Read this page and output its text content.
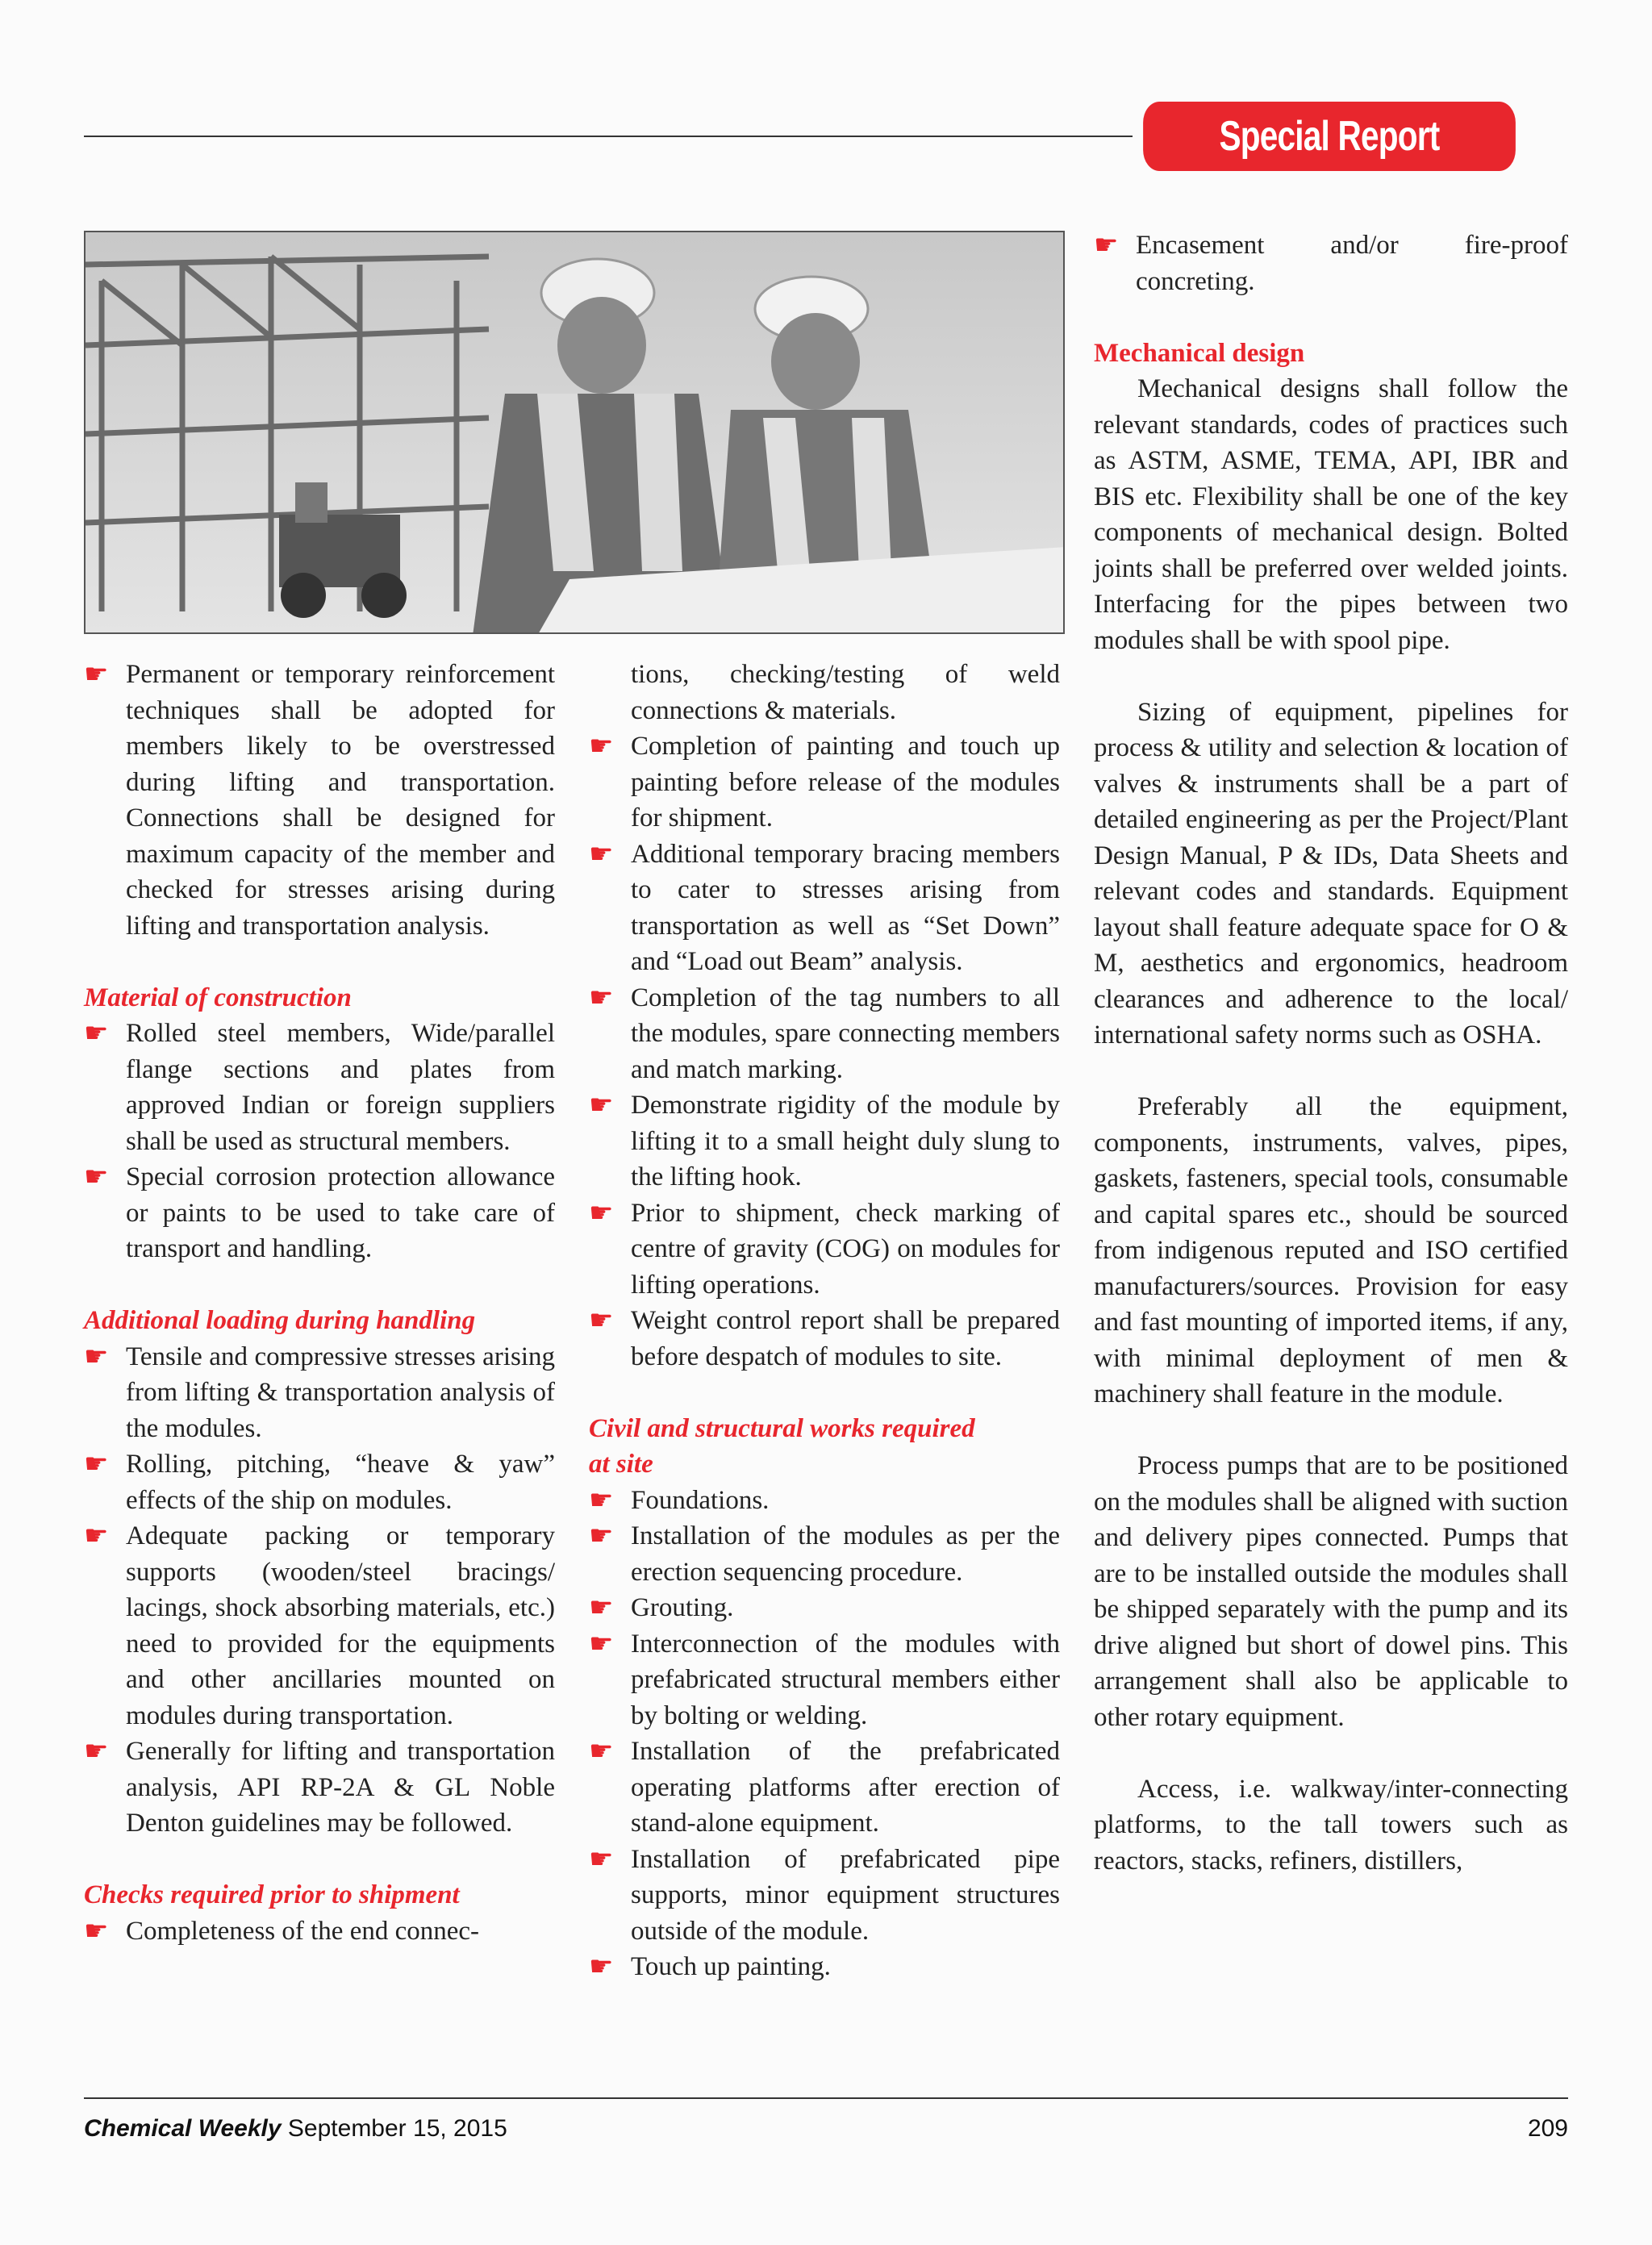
Special Report
☛ Permanent or temporary reinforcement techniques shall be adopted for members likely to be overstressed during lifting and transportation. Connections shall be designed for maximum capacity of the member and checked for stresses arising during lifting and transportation analysis.
Material of construction
☛ Rolled steel members, Wide/parallel flange sections and plates from approved Indian or foreign suppliers shall be used as structural members.
☛ Special corrosion protection allowance or paints to be used to take care of transport and handling.
Additional loading during handling
☛ Tensile and compressive stresses arising from lifting & transportation analysis of the modules.
☛ Rolling, pitching, “heave & yaw” effects of the ship on modules.
☛ Adequate packing or temporary supports (wooden/steel bracings/ lacings, shock absorbing materials, etc.) need to provided for the equipments and other ancillaries mounted on modules during transportation.
☛ Generally for lifting and transportation analysis, API RP-2A & GL Noble Denton guidelines may be followed.
Checks required prior to shipment
☛ Completeness of the end connec-
tions, checking/testing of weld connections & materials.
☛ Completion of painting and touch up painting before release of the modules for shipment.
☛ Additional temporary bracing members to cater to stresses arising from transportation as well as “Set Down” and “Load out Beam” analysis.
☛ Completion of the tag numbers to all the modules, spare connecting members and match marking.
☛ Demonstrate rigidity of the module by lifting it to a small height duly slung to the lifting hook.
☛ Prior to shipment, check marking of centre of gravity (COG) on modules for lifting operations.
☛ Weight control report shall be prepared before despatch of modules to site.
Civil and structural works required
at site
☛ Foundations.
☛ Installation of the modules as per the erection sequencing procedure.
☛ Grouting.
☛ Interconnection of the modules with prefabricated structural members either by bolting or welding.
☛ Installation of the prefabricated operating platforms after erection of stand-alone equipment.
☛ Installation of prefabricated pipe supports, minor equipment structures outside of the module.
☛ Touch up painting.
☛ Encasement and/or fire-proof concreting.
Mechanical design
Mechanical designs shall follow the relevant standards, codes of practices such as ASTM, ASME, TEMA, API, IBR and BIS etc. Flexibility shall be one of the key components of mechanical design. Bolted joints shall be preferred over welded joints. Interfacing for the pipes between two modules shall be with spool pipe.
Sizing of equipment, pipelines for process & utility and selection & location of valves & instruments shall be a part of detailed engineering as per the Project/Plant Design Manual, P & IDs, Data Sheets and relevant codes and standards. Equipment layout shall feature adequate space for O & M, aesthetics and ergonomics, headroom clearances and adherence to the local/ international safety norms such as OSHA.
Preferably all the equipment, components, instruments, valves, pipes, gaskets, fasteners, special tools, consumable and capital spares etc., should be sourced from indigenous reputed and ISO certified manufacturers/sources. Provision for easy and fast mounting of imported items, if any, with minimal deployment of men & machinery shall feature in the module.
Process pumps that are to be positioned on the modules shall be aligned with suction and delivery pipes connected. Pumps that are to be installed outside the modules shall be shipped separately with the pump and its drive aligned but short of dowel pins. This arrangement shall also be applicable to other rotary equipment.
Access, i.e. walkway/inter-connecting platforms, to the tall towers such as reactors, stacks, refiners, distillers,
Chemical Weekly September 15, 2015	209
